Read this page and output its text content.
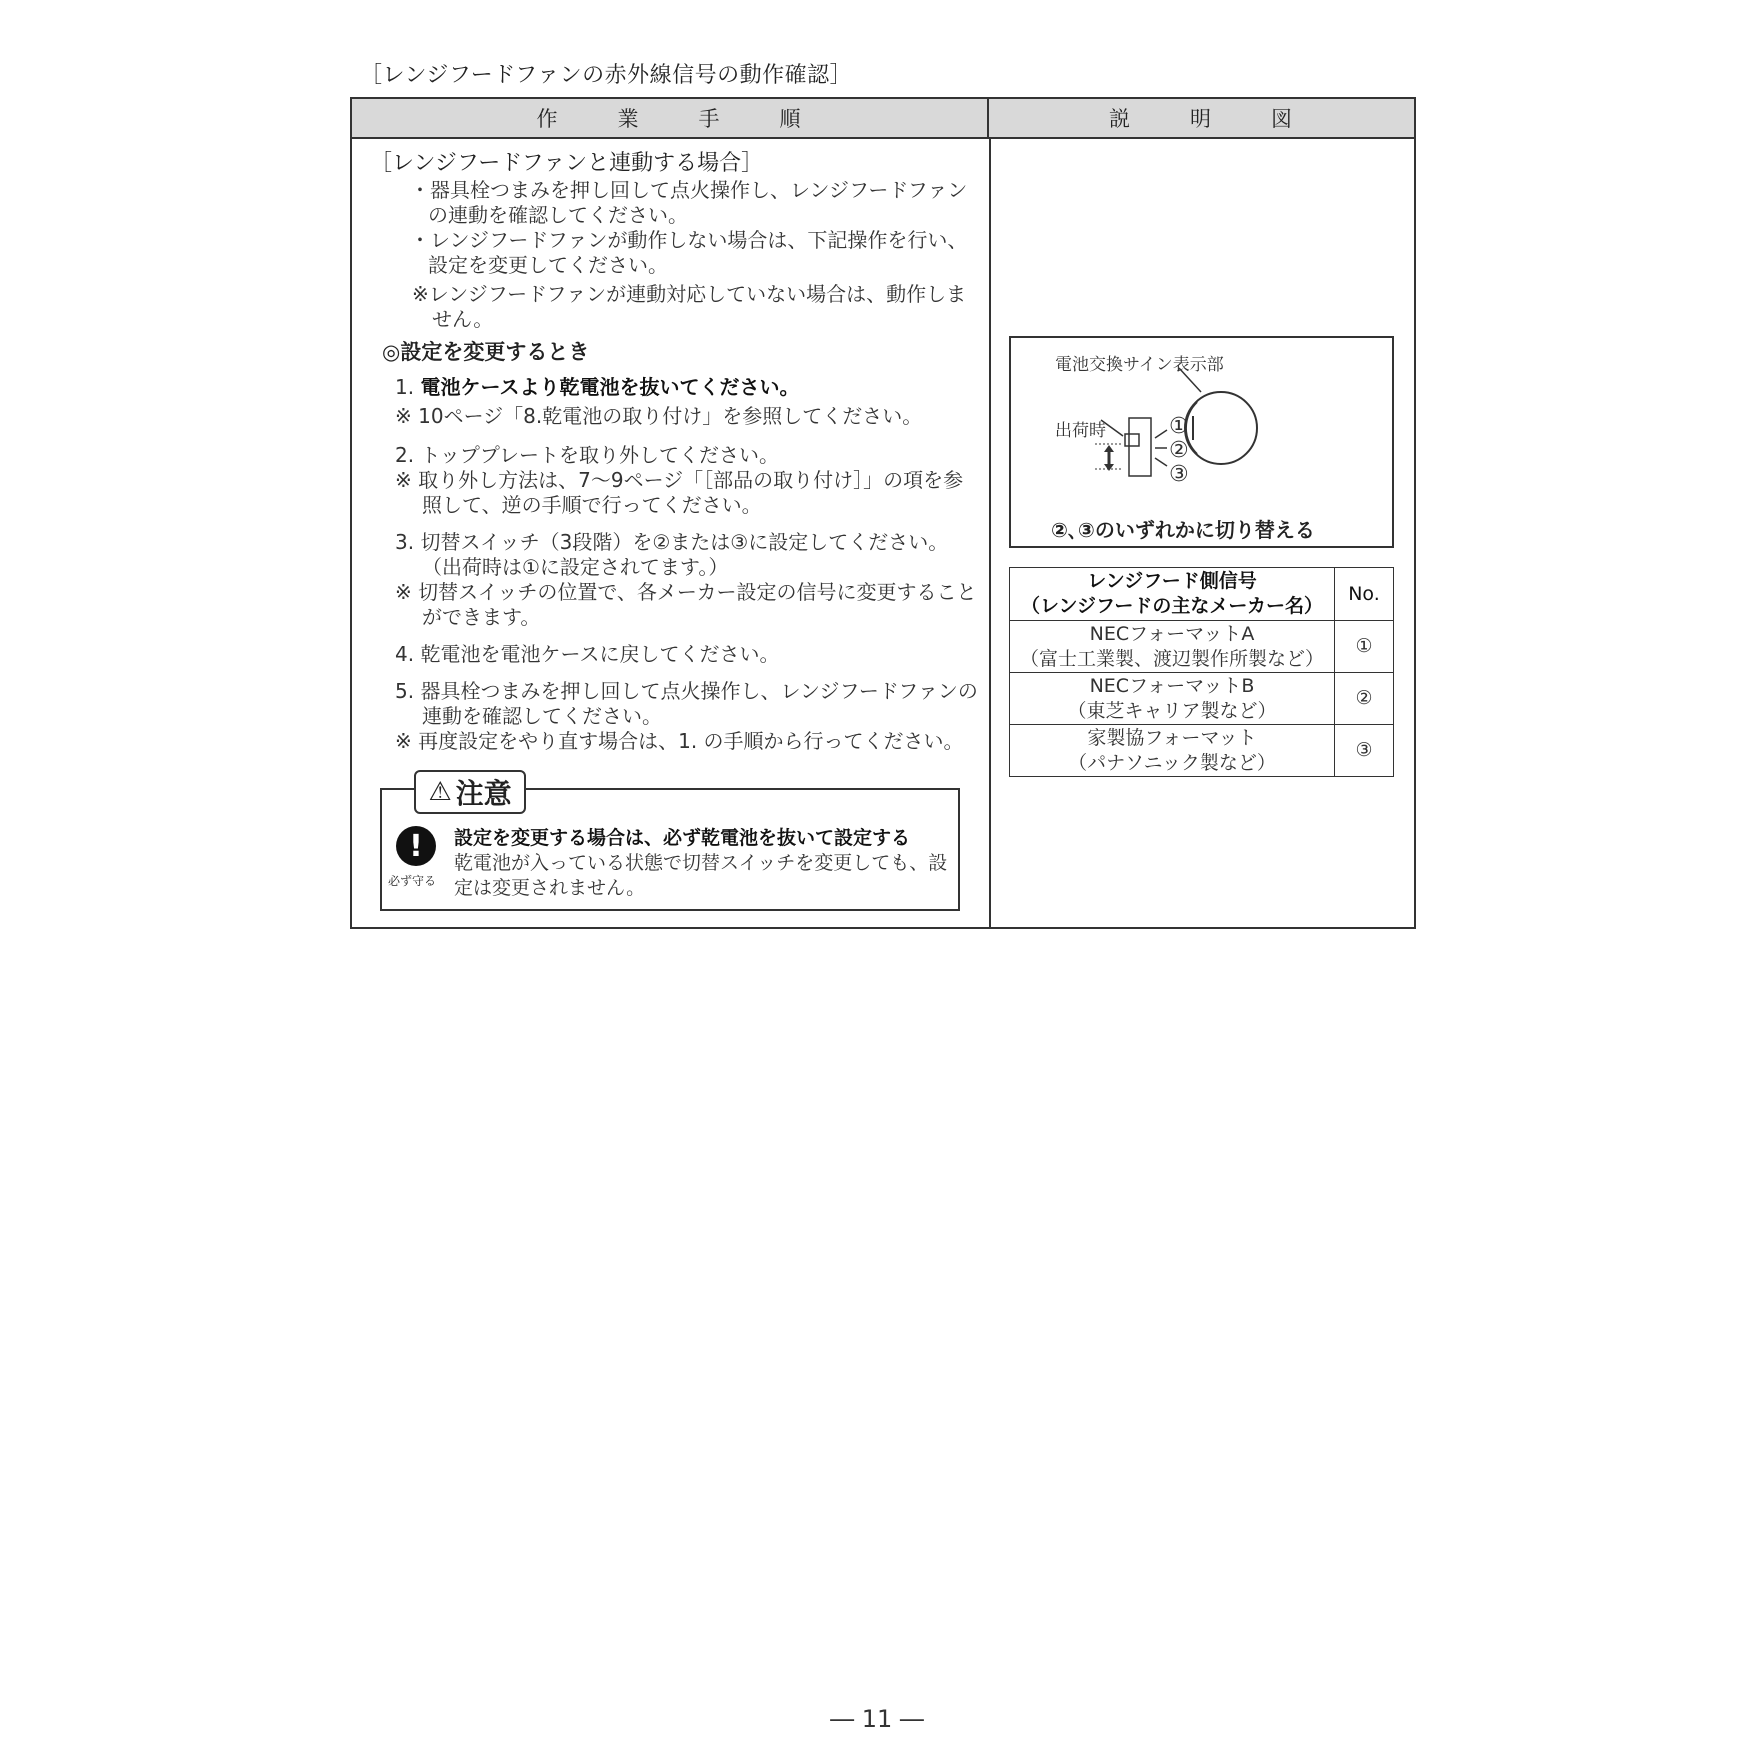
［レンジフードファンの赤外線信号の動作確認］
作	業	手	順	説	明	図
［レンジフードファンと連動する場合］
・器具栓つまみを押し回して点火操作し、レンジフードファンの連動を確認してください。
・レンジフードファンが動作しない場合は、下記操作を行い、設定を変更してください。
※レンジフードファンが連動対応していない場合は、動作しません。
◎設定を変更するとき
1. 電池ケースより乾電池を抜いてください。
※ 10ページ「8.乾電池の取り付け」を参照してください。
2. トッププレートを取り外してください。
※ 取り外し方法は、7〜9ページ「［部品の取り付け］」の項を参照して、逆の手順で行ってください。
3. 切替スイッチ（3段階）を②または③に設定してください。
（出荷時は①に設定されてます。）
※ 切替スイッチの位置で、各メーカー設定の信号に変更することができます。
4. 乾電池を電池ケースに戻してください。
5. 器具栓つまみを押し回して点火操作し、レンジフードファンの連動を確認してください。
※ 再度設定をやり直す場合は、1. の手順から行ってください。
⚠ 注意
!
必ず守る
設定を変更する場合は、必ず乾電池を抜いて設定する
乾電池が入っている状態で切替スイッチを変更しても、設定は変更されません。
電池交換サイン表示部
出荷時	①
②
③
②､③のいずれかに切り替える
レンジフード側信号
（レンジフードの主なメーカー名）	No.

NECフォーマットA
（富士工業製、渡辺製作所製など）	①

NECフォーマットB
（東芝キャリア製など）	②

家製協フォーマット
（パナソニック製など）	③
― 11 ―
